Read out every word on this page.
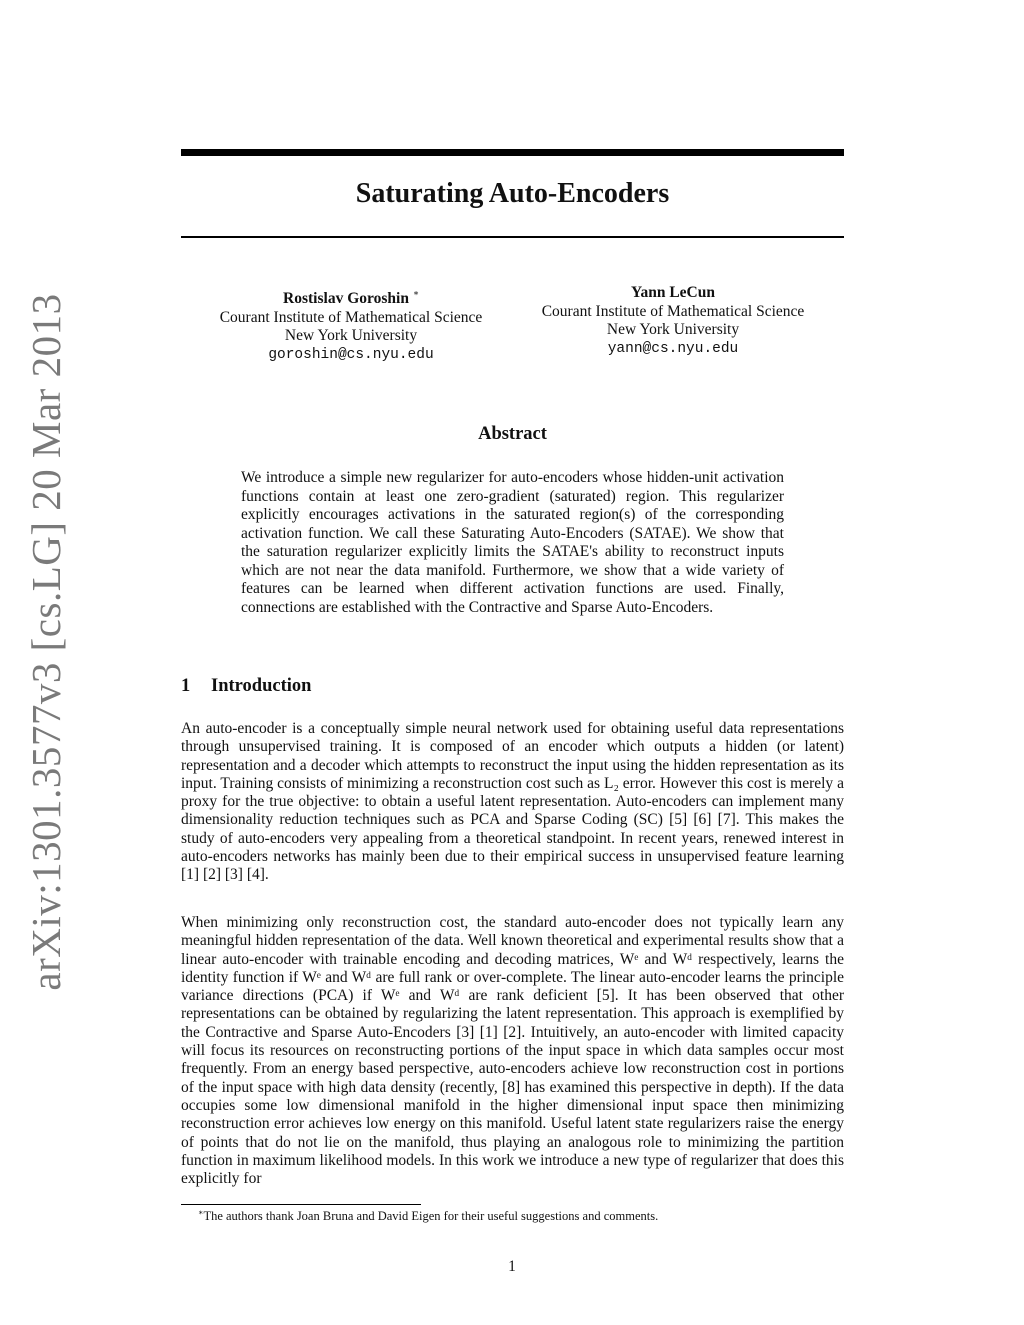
arXiv:1301.3577v3 [cs.LG] 20 Mar 2013
Saturating Auto-Encoders
Rostislav Goroshin ∗
Courant Institute of Mathematical Science
New York University
goroshin@cs.nyu.edu
Yann LeCun
Courant Institute of Mathematical Science
New York University
yann@cs.nyu.edu
Abstract

We introduce a simple new regularizer for auto-encoders whose hidden-unit activation functions contain at least one zero-gradient (saturated) region. This regularizer explicitly encourages activations in the saturated region(s) of the corresponding activation function. We call these Saturating Auto-Encoders (SATAE). We show that the saturation regularizer explicitly limits the SATAE's ability to reconstruct inputs which are not near the data manifold. Furthermore, we show that a wide variety of features can be learned when different activation functions are used. Finally, connections are established with the Contractive and Sparse Auto-Encoders.

1 Introduction

An auto-encoder is a conceptually simple neural network used for obtaining useful data representations through unsupervised training. It is composed of an encoder which outputs a hidden (or latent) representation and a decoder which attempts to reconstruct the input using the hidden representation as its input. Training consists of minimizing a reconstruction cost such as L₂ error. However this cost is merely a proxy for the true objective: to obtain a useful latent representation. Auto-encoders can implement many dimensionality reduction techniques such as PCA and Sparse Coding (SC) [5] [6] [7]. This makes the study of auto-encoders very appealing from a theoretical standpoint. In recent years, renewed interest in auto-encoders networks has mainly been due to their empirical success in unsupervised feature learning [1] [2] [3] [4].

When minimizing only reconstruction cost, the standard auto-encoder does not typically learn any meaningful hidden representation of the data. Well known theoretical and experimental results show that a linear auto-encoder with trainable encoding and decoding matrices, Wᵉ and Wᵈ respectively, learns the identity function if Wᵉ and Wᵈ are full rank or over-complete. The linear auto-encoder learns the principle variance directions (PCA) if Wᵉ and Wᵈ are rank deficient [5]. It has been observed that other representations can be obtained by regularizing the latent representation. This approach is exemplified by the Contractive and Sparse Auto-Encoders [3] [1] [2]. Intuitively, an auto-encoder with limited capacity will focus its resources on reconstructing portions of the input space in which data samples occur most frequently. From an energy based perspective, auto-encoders achieve low reconstruction cost in portions of the input space with high data density (recently, [8] has examined this perspective in depth). If the data occupies some low dimensional manifold in the higher dimensional input space then minimizing reconstruction error achieves low energy on this manifold. Useful latent state regularizers raise the energy of points that do not lie on the manifold, thus playing an analogous role to minimizing the partition function in maximum likelihood models. In this work we introduce a new type of regularizer that does this explicitly for

∗The authors thank Joan Bruna and David Eigen for their useful suggestions and comments.

1
